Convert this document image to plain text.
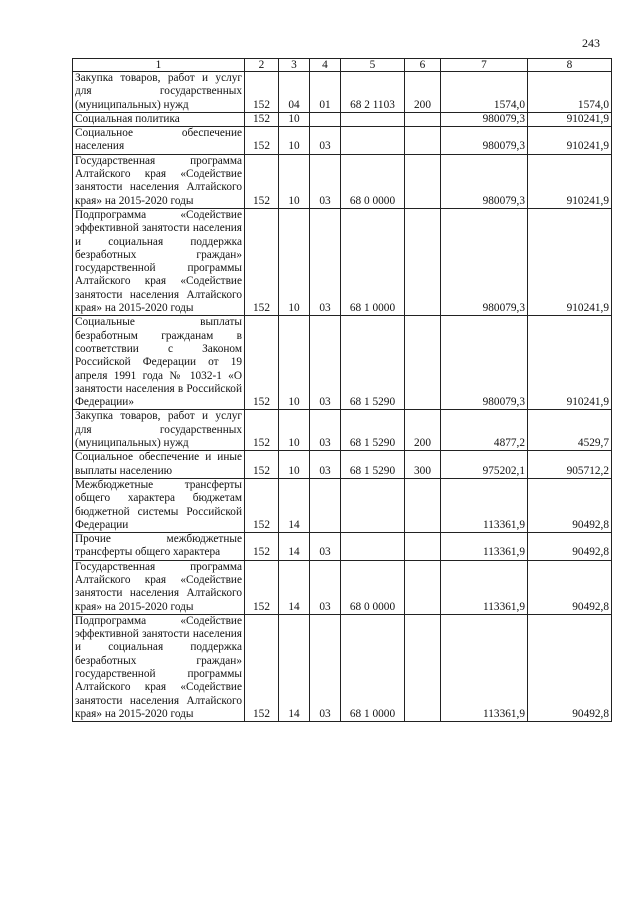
243
1	2	3	4	5	6	7	8
Закупка товаров, работ и услуг для государственных (муниципальных) нужд	152	04	01	68 2 1103	200	1574,0	1574,0
Социальная политика	152	10				980079,3	910241,9
Социальное обеспечение населения	152	10	03			980079,3	910241,9
Государственная программа Алтайского края «Содействие занятости населения Алтайского края» на 2015-2020 годы	152	10	03	68 0 0000		980079,3	910241,9
Подпрограмма «Содействие эффективной занятости населения и социальная поддержка безработных граждан» государственной программы Алтайского края «Содействие занятости населения Алтайского края» на 2015-2020 годы	152	10	03	68 1 0000		980079,3	910241,9
Социальные выплаты безработным гражданам в соответствии с Законом Российской Федерации от 19 апреля 1991 года № 1032-1 «О занятости населения в Российской Федерации»	152	10	03	68 1 5290		980079,3	910241,9
Закупка товаров, работ и услуг для государственных (муниципальных) нужд	152	10	03	68 1 5290	200	4877,2	4529,7
Социальное обеспечение и иные выплаты населению	152	10	03	68 1 5290	300	975202,1	905712,2
Межбюджетные трансферты общего характера бюджетам бюджетной системы Российской Федерации	152	14				113361,9	90492,8
Прочие межбюджетные трансферты общего характера	152	14	03			113361,9	90492,8
Государственная программа Алтайского края «Содействие занятости населения Алтайского края» на 2015-2020 годы	152	14	03	68 0 0000		113361,9	90492,8
Подпрограмма «Содействие эффективной занятости населения и социальная поддержка безработных граждан» государственной программы Алтайского края «Содействие занятости населения Алтайского края» на 2015-2020 годы	152	14	03	68 1 0000		113361,9	90492,8
